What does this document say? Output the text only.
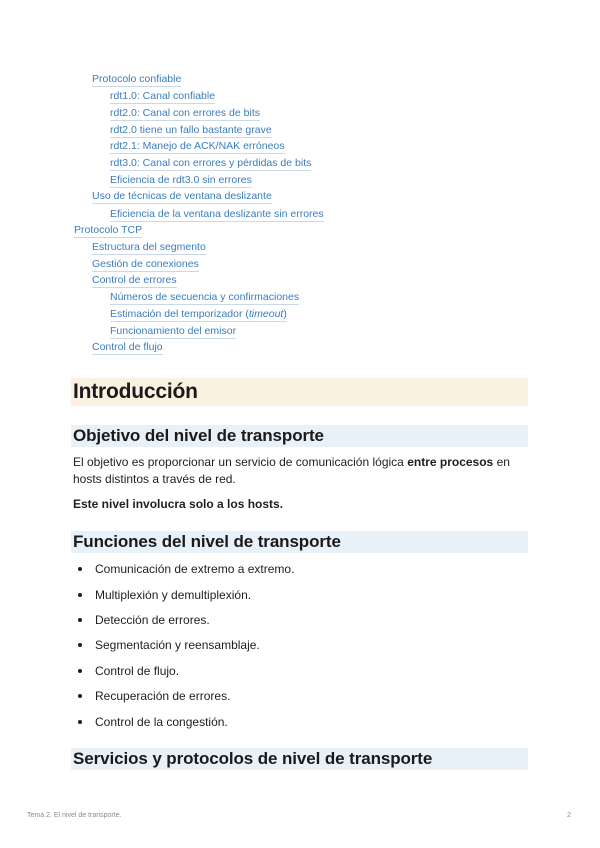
Protocolo confiable
rdt1.0: Canal confiable
rdt2.0: Canal con errores de bits
rdt2.0 tiene un fallo bastante grave
rdt2.1: Manejo de ACK/NAK erróneos
rdt3.0: Canal con errores y pérdidas de bits
Eficiencia de rdt3.0 sin errores
Uso de técnicas de ventana deslizante
Eficiencia de la ventana deslizante sin errores
Protocolo TCP
Estructura del segmento
Gestión de conexiones
Control de errores
Números de secuencia y confirmaciones
Estimación del temporizador (timeout)
Funcionamiento del emisor
Control de flujo
Introducción
Objetivo del nivel de transporte
El objetivo es proporcionar un servicio de comunicación lógica entre procesos en hosts distintos a través de red.
Este nivel involucra solo a los hosts.
Funciones del nivel de transporte
Comunicación de extremo a extremo.
Multiplexión y demultiplexión.
Detección de errores.
Segmentación y reensamblaje.
Control de flujo.
Recuperación de errores.
Control de la congestión.
Servicios y protocolos de nivel de transporte
Tema 2. El nivel de transporte.	2
